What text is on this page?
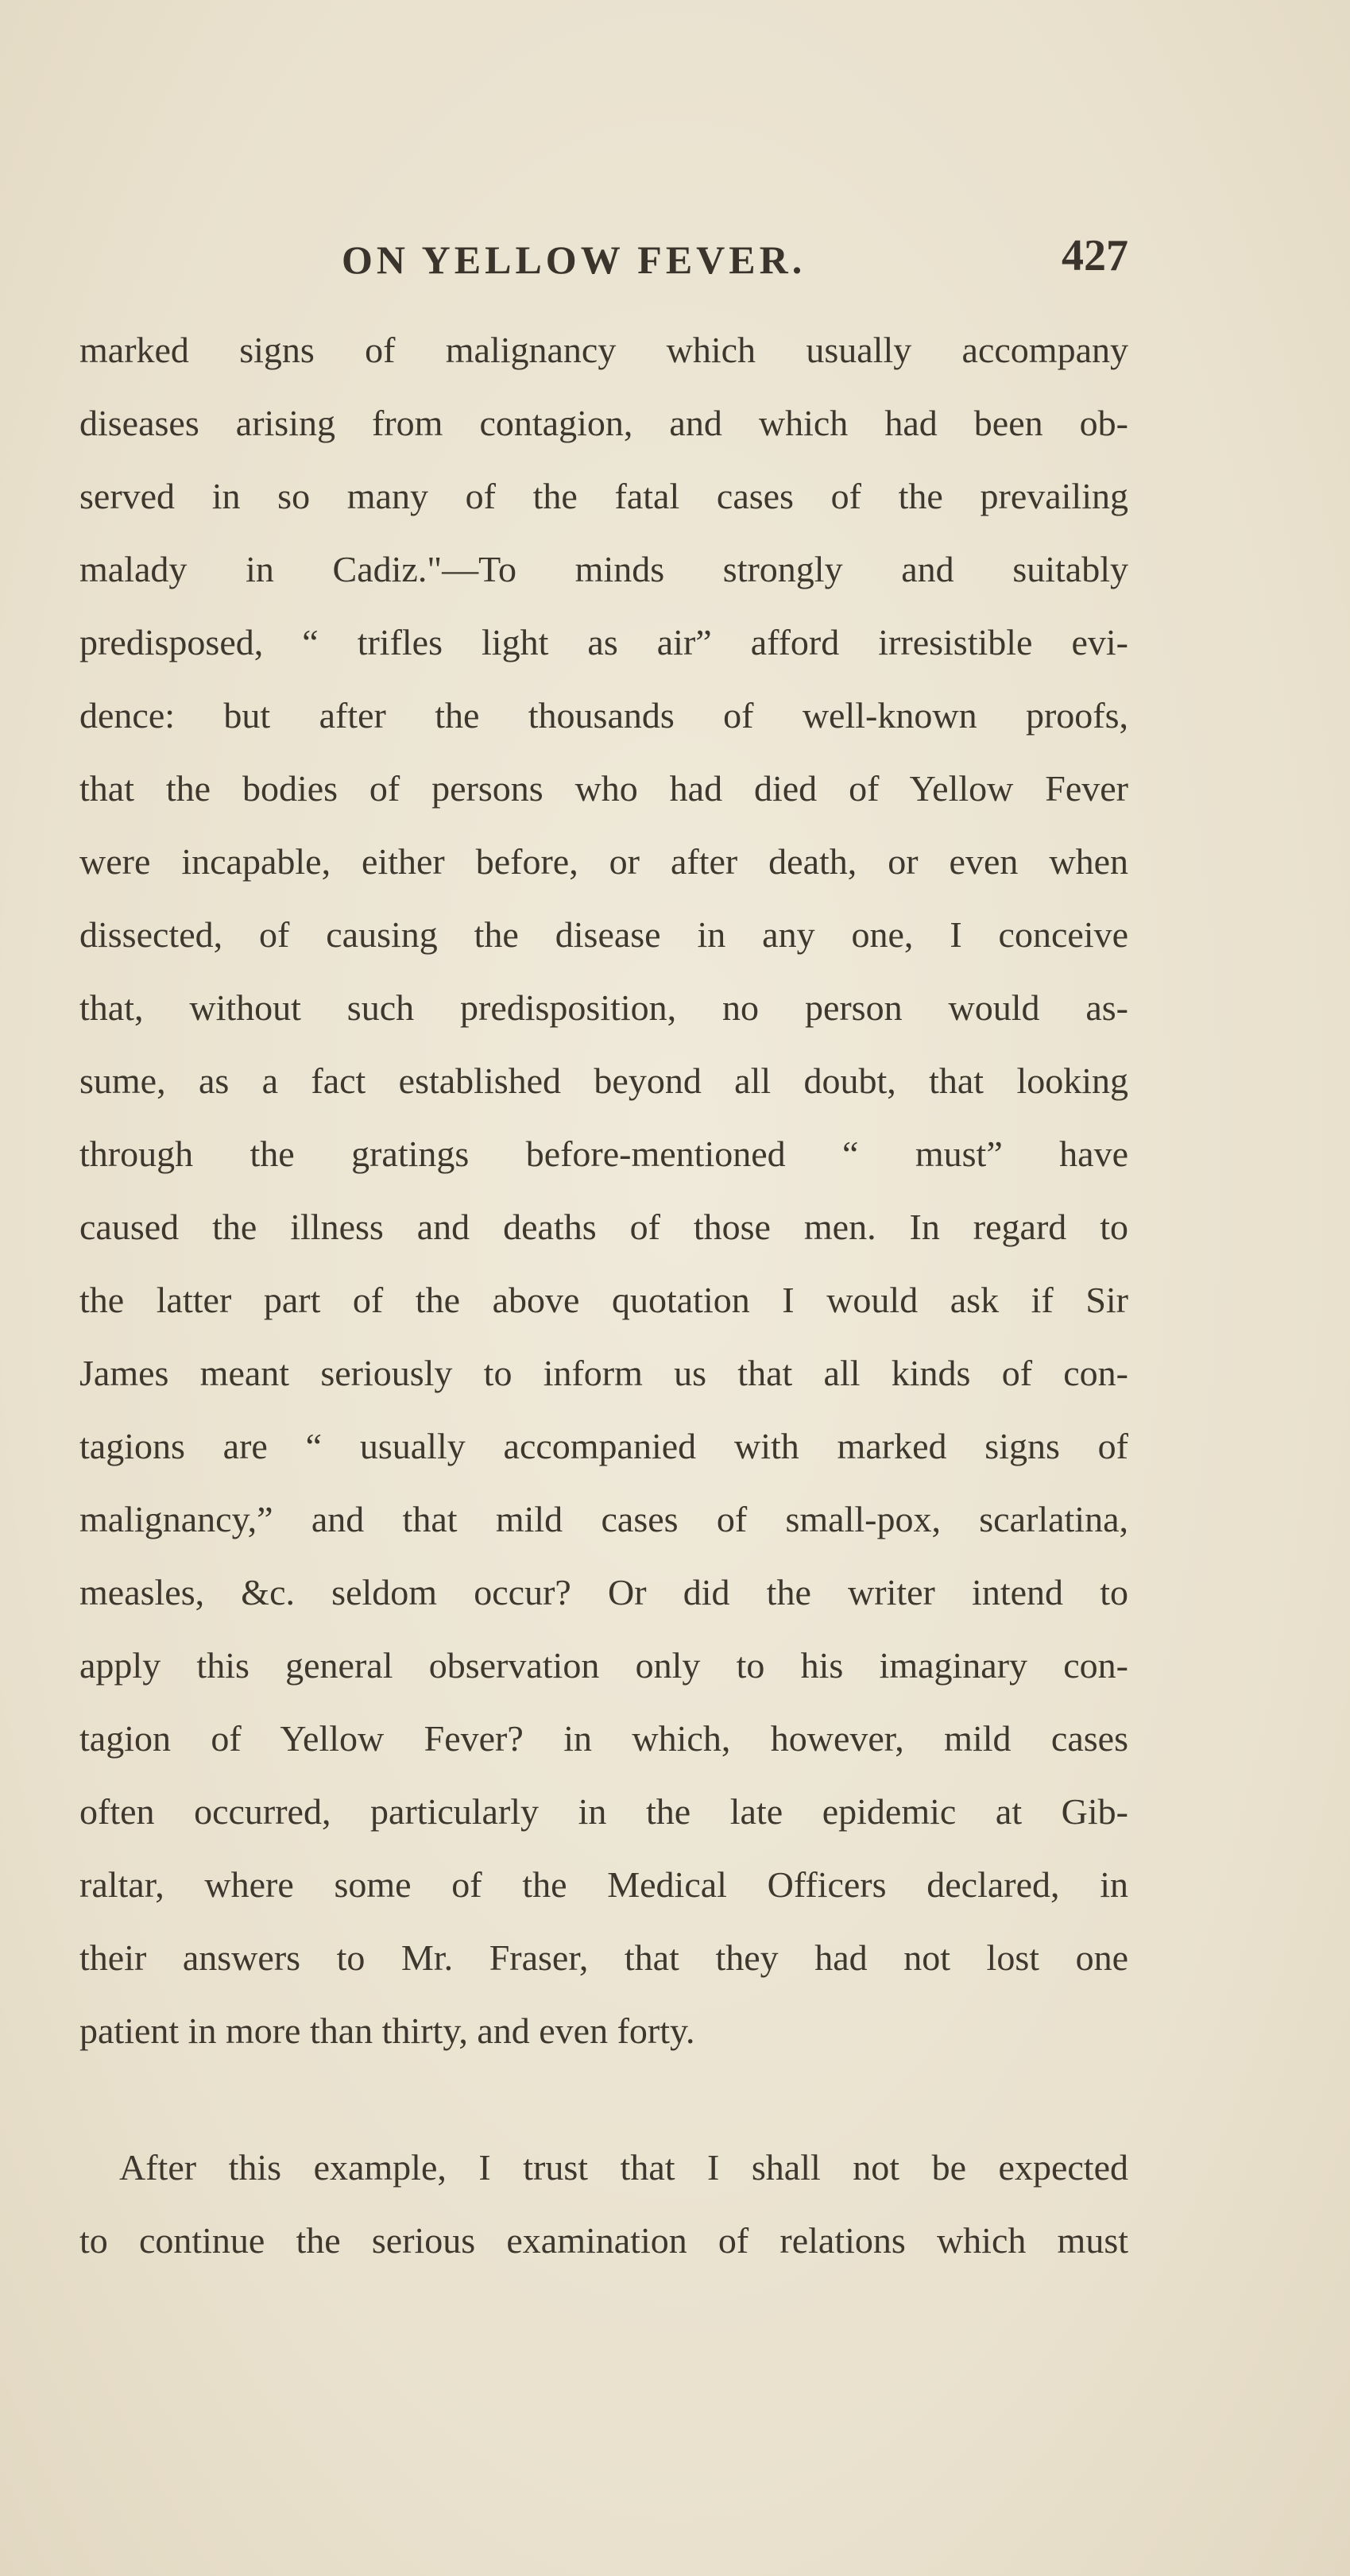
ON YELLOW FEVER.	427
marked signs of malignancy which usually accompany
diseases arising from contagion, and which had been ob-
served in so many of the fatal cases of the prevailing
malady in Cadiz."—To minds strongly and suitably
predisposed, “ trifles light as air” afford irresistible evi-
dence: but after the thousands of well-known proofs,
that the bodies of persons who had died of Yellow Fever
were incapable, either before, or after death, or even when
dissected, of causing the disease in any one, I conceive
that, without such predisposition, no person would as-
sume, as a fact established beyond all doubt, that looking
through the gratings before-mentioned “ must” have
caused the illness and deaths of those men. In regard to
the latter part of the above quotation I would ask if Sir
James meant seriously to inform us that all kinds of con-
tagions are “ usually accompanied with marked signs of
malignancy,” and that mild cases of small-pox, scarlatina,
measles, &c. seldom occur? Or did the writer intend to
apply this general observation only to his imaginary con-
tagion of Yellow Fever? in which, however, mild cases
often occurred, particularly in the late epidemic at Gib-
raltar, where some of the Medical Officers declared, in
their answers to Mr. Fraser, that they had not lost one
patient in more than thirty, and even forty.
After this example, I trust that I shall not be expected
to continue the serious examination of relations which must
